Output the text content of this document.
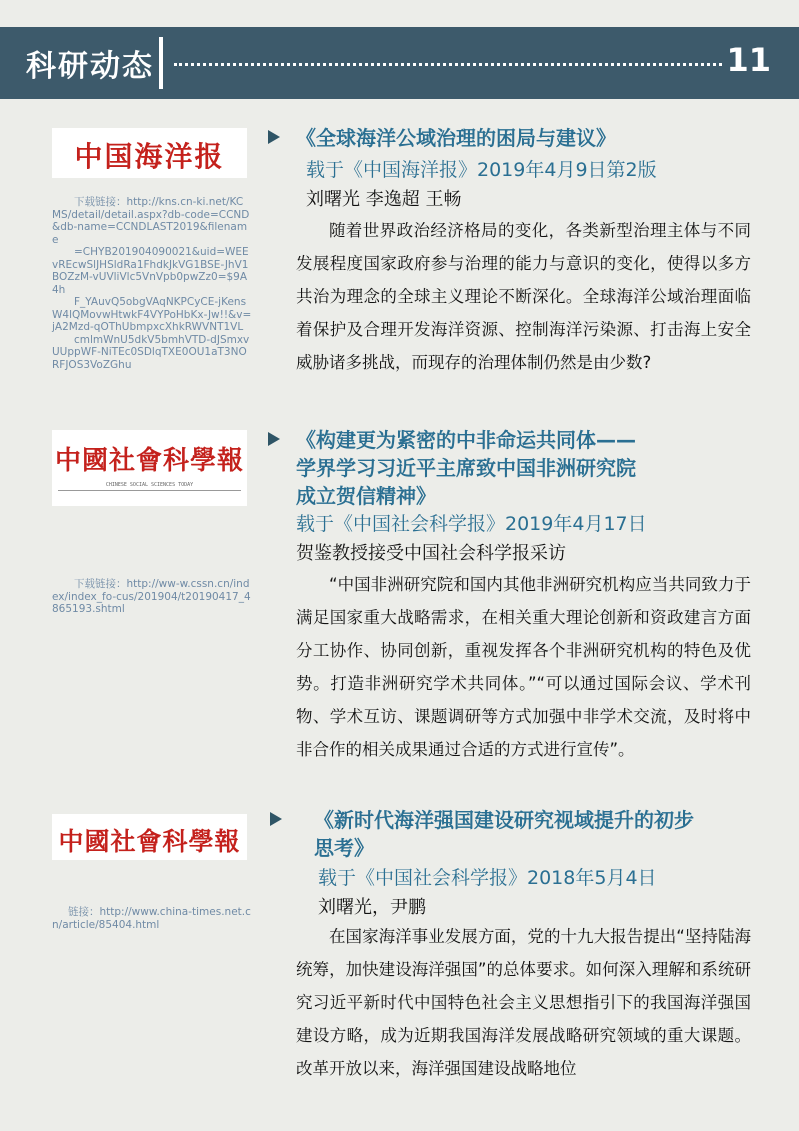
科研动态	11
中国海洋报

下载链接：http://kns.cn-ki.net/KCMS/detail/detail.aspx?db-code=CCND&db-name=CCNDLAST2019&filename

=CHYB201904090021&uid=WEEvREcwSlJHSldRa1FhdkJkVG1BSE-JhV1BOZzM-vUVliVlc5VnVpb0pwZz0=$9A4h

F_YAuvQ5obgVAqNKPCyCE-jKensW4lQMovwHtwkF4VYPoHbKx-Jw!!&v=jA2Mzd-qOThUbmpxcXhkRWVNT1VL

cmlmWnU5dkV5bmhVTD-dJSmxvUUppWF-NiTEc0SDlqTXE0OU1aT3NORFJOS3VoZGhu

《全球海洋公域治理的困局与建议》
载于《中国海洋报》2019年4月9日第2版
刘曙光 李逸超 王畅
随着世界政治经济格局的变化，各类新型治理主体与不同发展程度国家政府参与治理的能力与意识的变化，使得以多方共治为理念的全球主义理论不断深化。全球海洋公域治理面临着保护及合理开发海洋资源、控制海洋污染源、打击海上安全威胁诸多挑战，而现存的治理体制仍然是由少数?
中國社會科學報
CHINESE SOCIAL SCIENCES TODAY

下载链接：http://ww-w.cssn.cn/index/index_fo-cus/201904/t20190417_4865193.shtml

《构建更为紧密的中非命运共同体——
学界学习习近平主席致中国非洲研究院
成立贺信精神》
载于《中国社会科学报》2019年4月17日
贺鉴教授接受中国社会科学报采访
“中国非洲研究院和国内其他非洲研究机构应当共同致力于满足国家重大战略需求，在相关重大理论创新和资政建言方面分工协作、协同创新，重视发挥各个非洲研究机构的特色及优势。打造非洲研究学术共同体。”“可以通过国际会议、学术刊物、学术互访、课题调研等方式加强中非学术交流，及时将中非合作的相关成果通过合适的方式进行宣传”。
中國社會科學報

链接：http://www.china-times.net.cn/article/85404.html

《新时代海洋强国建设研究视域提升的初步
思考》
载于《中国社会科学报》2018年5月4日
刘曙光，尹鹏
在国家海洋事业发展方面，党的十九大报告提出“坚持陆海统筹，加快建设海洋强国”的总体要求。如何深入理解和系统研究习近平新时代中国特色社会主义思想指引下的我国海洋强国建设方略，成为近期我国海洋发展战略研究领域的重大课题。改革开放以来，海洋强国建设战略地位
